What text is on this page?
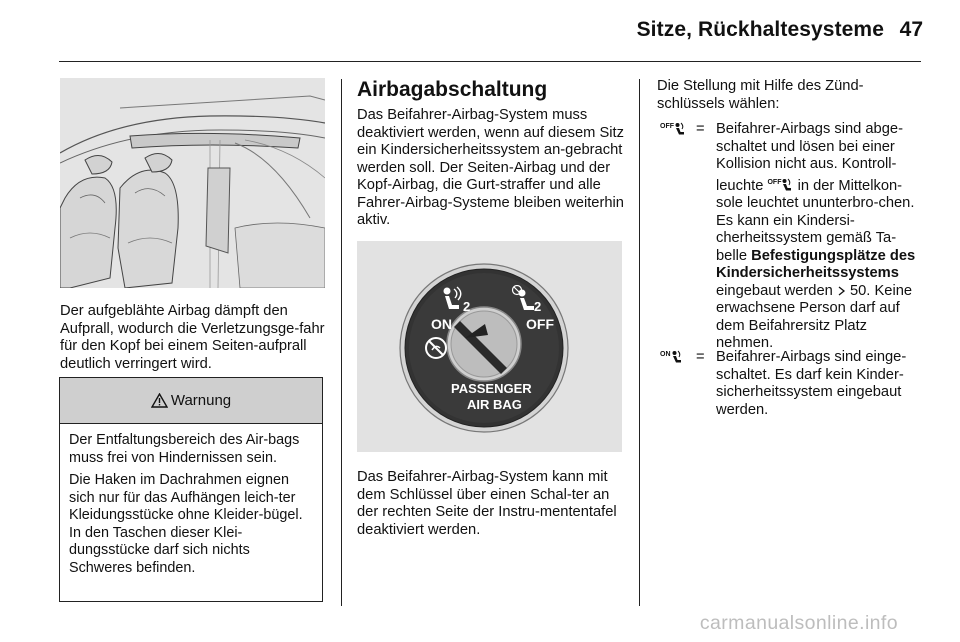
Sitze, Rückhaltesysteme 47

Der aufgeblähte Airbag dämpft den Aufprall, wodurch die Verletzungsge-fahr für den Kopf bei einem Seiten-aufprall deutlich verringert wird.

Warnung

Der Entfaltungsbereich des Air-bags muss frei von Hindernissen sein.

Die Haken im Dachrahmen eignen sich nur für das Aufhängen leich-ter Kleidungsstücke ohne Kleider-bügel. In den Taschen dieser Klei-dungsstücke darf sich nichts Schweres befinden.

Airbagabschaltung

Das Beifahrer-Airbag-System muss deaktiviert werden, wenn auf diesem Sitz ein Kindersicherheitssystem an-gebracht werden soll. Der Seiten-Airbag und der Kopf-Airbag, die Gurt-straffer und alle Fahrer-Airbag-Systeme bleiben weiterhin aktiv.

ON	OFF
PASSENGER
AIR BAG
2	2

Das Beifahrer-Airbag-System kann mit dem Schlüssel über einen Schal-ter an der rechten Seite der Instru-mententafel deaktiviert werden.

Die Stellung mit Hilfe des Zünd-schlüssels wählen:

$^{OFF}$	= Beifahrer-Airbags sind abge-schaltet und lösen bei einer Kollision nicht aus. Kontroll-leuchte $^{OFF}$ in der Mittelkon-sole leuchtet ununterbro-chen. Es kann ein Kindersi-cherheitssystem gemäß Ta-belle Befestigungsplätze des Kindersicherheitssystems eingebaut werden 50. Keine erwachsene Person darf auf dem Beifahrersitz Platz nehmen.

$^{ON}$	= Beifahrer-Airbags sind einge-schaltet. Es darf kein Kinder-sicherheitssystem eingebaut werden.

carmanualsonline.info
